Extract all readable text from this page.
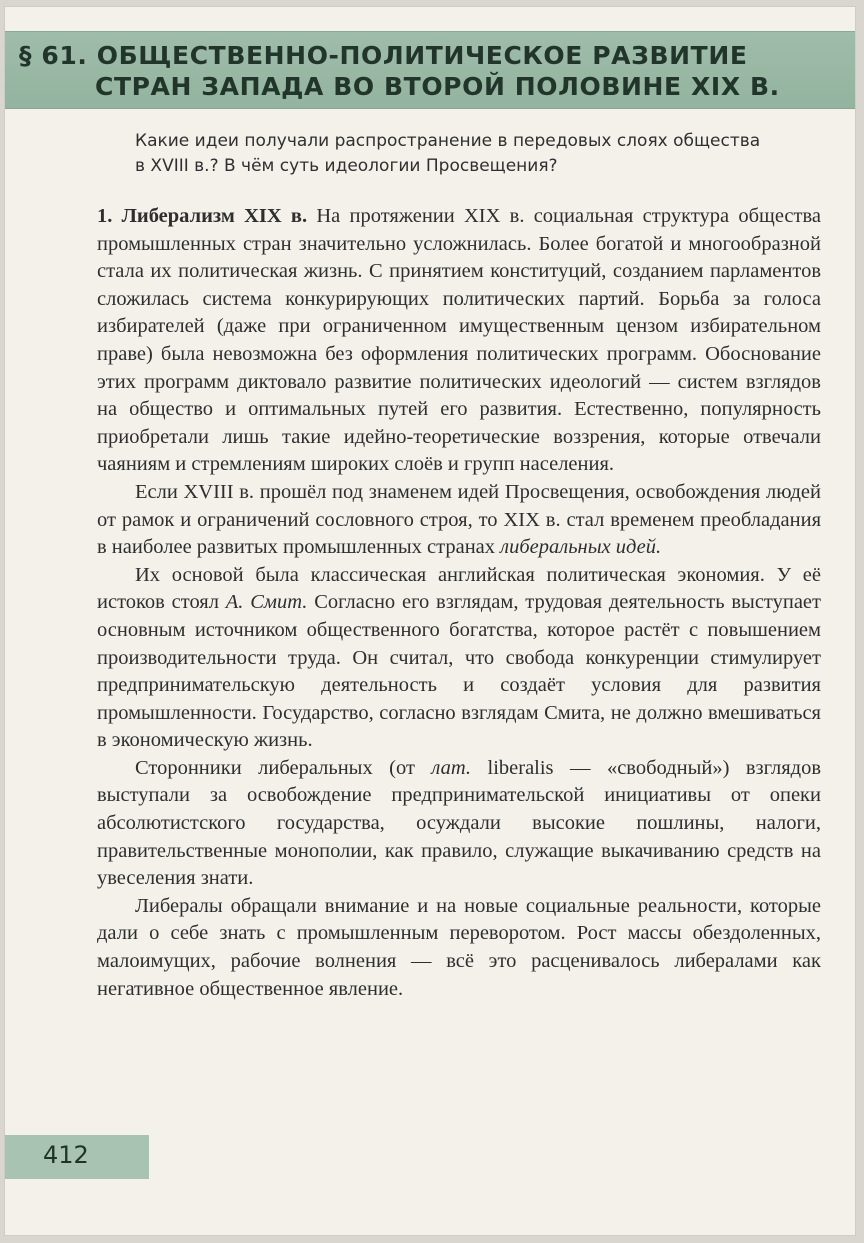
§ 61. ОБЩЕСТВЕННО-ПОЛИТИЧЕСКОЕ РАЗВИТИЕ
СТРАН ЗАПАДА ВО ВТОРОЙ ПОЛОВИНЕ XIX В.

Какие идеи получали распространение в передовых слоях общества

в XVIII в.? В чём суть идеологии Просвещения?

1. Либерализм XIX в. На протяжении XIX в. социальная структура общества промышленных стран значительно усложнилась. Более богатой и многообразной стала их политическая жизнь. С принятием конституций, созданием парламентов сложилась система конкурирующих политических партий. Борьба за голоса избирателей (даже при ограниченном имущественным цензом избирательном праве) была невозможна без оформления политических программ. Обоснование этих программ диктовало развитие политических идеологий — систем взглядов на общество и оптимальных путей его развития. Естественно, популярность приобретали лишь такие идейно-теоретические воззрения, которые отвечали чаяниям и стремлениям широких слоёв и групп населения.

Если XVIII в. прошёл под знаменем идей Просвещения, освобождения людей от рамок и ограничений сословного строя, то XIX в. стал временем преобладания в наиболее развитых промышленных странах либеральных идей.

Их основой была классическая английская политическая экономия. У её истоков стоял А. Смит. Согласно его взглядам, трудовая деятельность выступает основным источником общественного богатства, которое растёт с повышением производительности труда. Он считал, что свобода конкуренции стимулирует предпринимательскую деятельность и создаёт условия для развития промышленности. Государство, согласно взглядам Смита, не должно вмешиваться в экономическую жизнь.

Сторонники либеральных (от лат. liberalis — «свободный») взглядов выступали за освобождение предпринимательской инициативы от опеки абсолютистского государства, осуждали высокие пошлины, налоги, правительственные монополии, как правило, служащие выкачиванию средств на увеселения знати.

Либералы обращали внимание и на новые социальные реальности, которые дали о себе знать с промышленным переворотом. Рост массы обездоленных, малоимущих, рабочие волнения — всё это расценивалось либералами как негативное общественное явление.

412
